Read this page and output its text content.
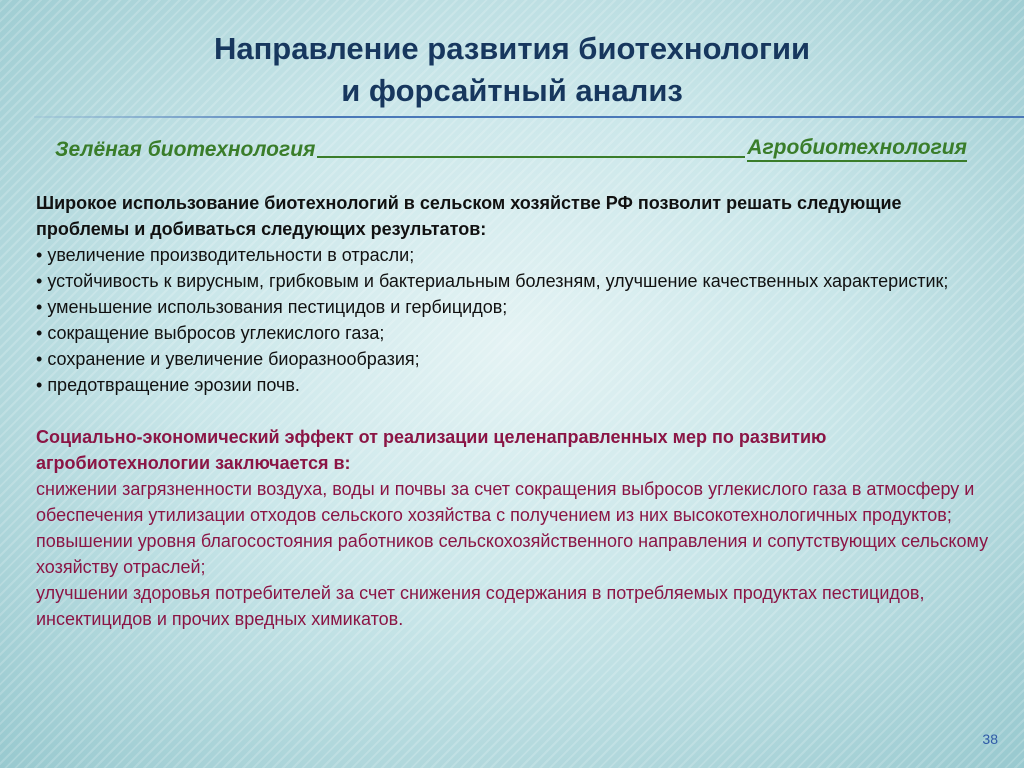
Направление развития биотехнологии
и форсайтный анализ
Зелёная биотехнология	Агробиотехнология

Широкое использование биотехнологий в сельском хозяйстве РФ позволит решать следующие проблемы и добиваться следующих результатов:

• увеличение производительности в отрасли;
• устойчивость к вирусным, грибковым и бактериальным болезням, улучшение качественных характеристик;
• уменьшение использования пестицидов и гербицидов;
• сокращение выбросов углекислого газа;
• сохранение и увеличение биоразнообразия;
• предотвращение эрозии почв.

Социально-экономический эффект от реализации целенаправленных мер по развитию агробиотехнологии заключается в:

снижении загрязненности воздуха, воды и почвы за счет сокращения выбросов углекислого газа в атмосферу и обеспечения утилизации отходов сельского хозяйства с получением из них высокотехнологичных продуктов;

повышении уровня благосостояния работников сельскохозяйственного направления и сопутствующих сельскому хозяйству отраслей;

улучшении здоровья потребителей за счет снижения содержания в потребляемых продуктах пестицидов, инсектицидов и прочих вредных химикатов.

38
